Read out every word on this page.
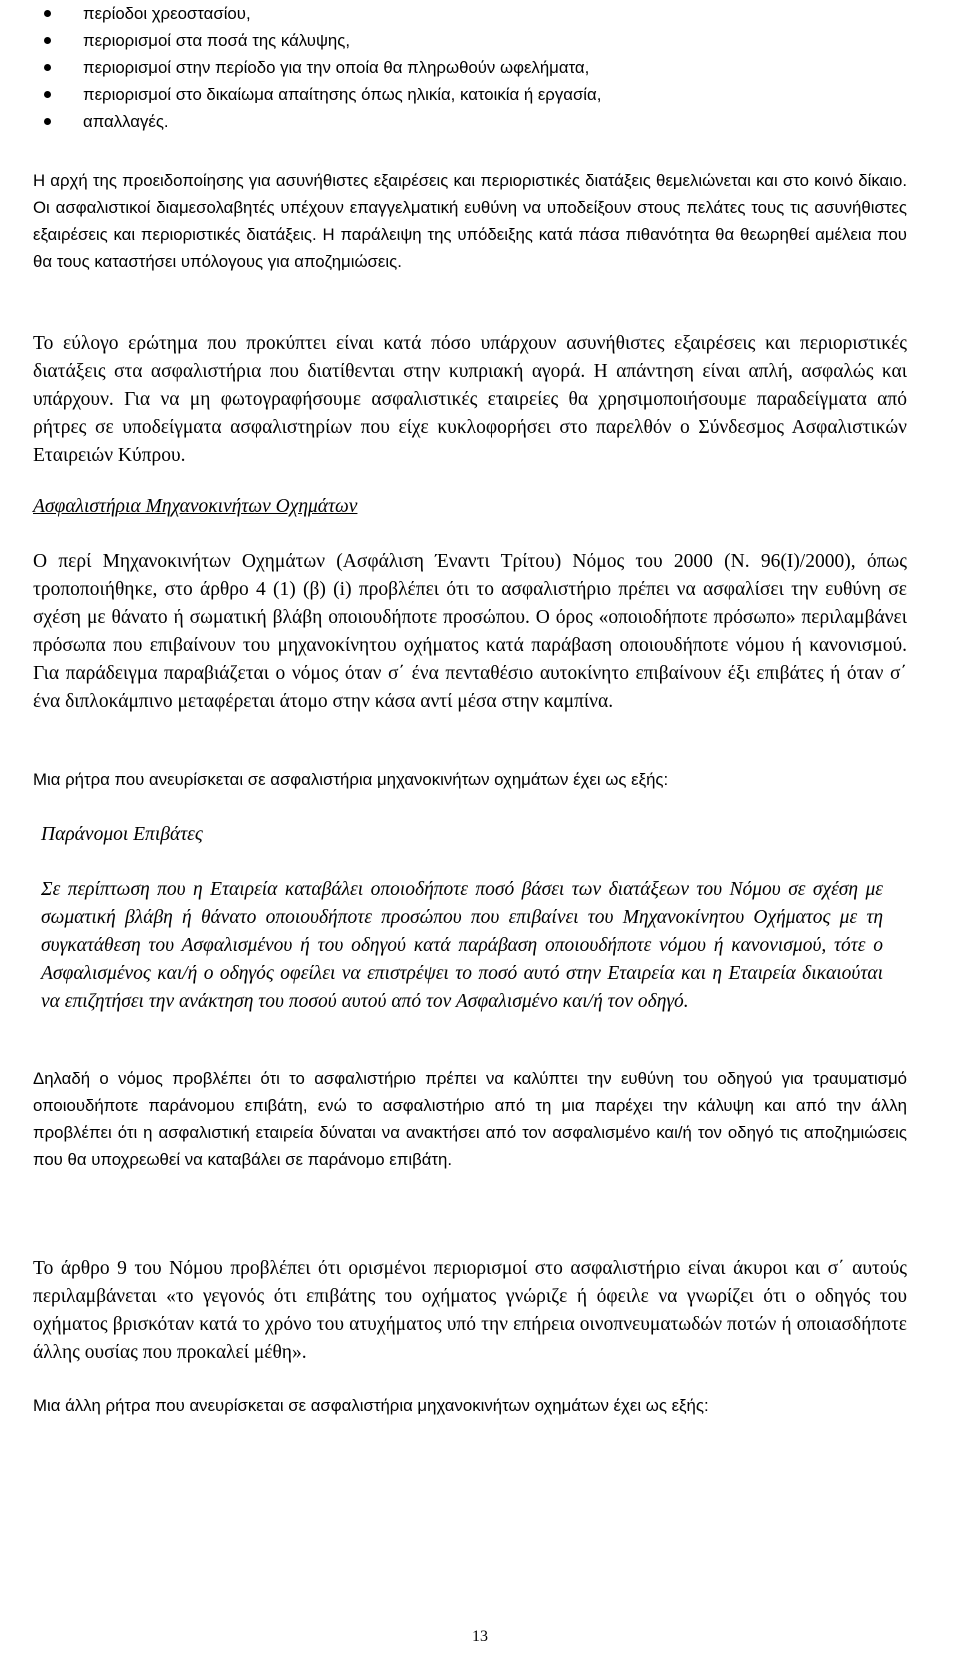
περίοδοι χρεοστασίου,
περιορισμοί στα ποσά της κάλυψης,
περιορισμοί στην περίοδο για την οποία θα πληρωθούν ωφελήματα,
περιορισμοί στο δικαίωμα απαίτησης όπως ηλικία, κατοικία ή εργασία,
απαλλαγές.

Η αρχή της προειδοποίησης για ασυνήθιστες εξαιρέσεις και περιοριστικές διατάξεις θεμελιώνεται και στο κοινό δίκαιο. Οι ασφαλιστικοί διαμεσολαβητές υπέχουν επαγγελματική ευθύνη να υποδείξουν στους πελάτες τους τις ασυνήθιστες εξαιρέσεις και περιοριστικές διατάξεις. Η παράλειψη της υπόδειξης κατά πάσα πιθανότητα θα θεωρηθεί αμέλεια που θα τους καταστήσει υπόλογους για αποζημιώσεις.

Το εύλογο ερώτημα που προκύπτει είναι κατά πόσο υπάρχουν ασυνήθιστες εξαιρέσεις και περιοριστικές διατάξεις στα ασφαλιστήρια που διατίθενται στην κυπριακή αγορά. Η απάντηση είναι απλή, ασφαλώς και υπάρχουν. Για να μη φωτογραφήσουμε ασφαλιστικές εταιρείες θα χρησιμοποιήσουμε παραδείγματα από ρήτρες σε υποδείγματα ασφαλιστηρίων που είχε κυκλοφορήσει στο παρελθόν ο Σύνδεσμος Ασφαλιστικών Εταιρειών Κύπρου.

Ασφαλιστήρια Μηχανοκινήτων Οχημάτων

Ο περί Μηχανοκινήτων Οχημάτων (Ασφάλιση Έναντι Τρίτου) Νόμος του 2000 (Ν. 96(Ι)/2000), όπως τροποποιήθηκε, στο άρθρο 4 (1) (β) (i) προβλέπει ότι το ασφαλιστήριο πρέπει να ασφαλίσει την ευθύνη σε σχέση με θάνατο ή σωματική βλάβη οποιουδήποτε προσώπου. Ο όρος «οποιοδήποτε πρόσωπο» περιλαμβάνει πρόσωπα που επιβαίνουν του μηχανοκίνητου οχήματος κατά παράβαση οποιουδήποτε νόμου ή κανονισμού. Για παράδειγμα παραβιάζεται ο νόμος όταν σ΄ ένα πενταθέσιο αυτοκίνητο επιβαίνουν έξι επιβάτες ή όταν σ΄ ένα διπλοκάμπινο μεταφέρεται άτομο στην κάσα αντί μέσα στην καμπίνα.

Μια ρήτρα που ανευρίσκεται σε ασφαλιστήρια μηχανοκινήτων οχημάτων έχει ως εξής:

Παράνομοι Επιβάτες

Σε περίπτωση που η Εταιρεία καταβάλει οποιοδήποτε ποσό βάσει των διατάξεων του Νόμου σε σχέση με σωματική βλάβη ή θάνατο οποιουδήποτε προσώπου που επιβαίνει του Μηχανοκίνητου Οχήματος με τη συγκατάθεση του Ασφαλισμένου ή του οδηγού κατά παράβαση οποιουδήποτε νόμου ή κανονισμού, τότε ο Ασφαλισμένος και/ή ο οδηγός οφείλει να επιστρέψει το ποσό αυτό στην Εταιρεία και η Εταιρεία δικαιούται να επιζητήσει την ανάκτηση του ποσού αυτού από τον Ασφαλισμένο και/ή τον οδηγό.

Δηλαδή ο νόμος προβλέπει ότι το ασφαλιστήριο πρέπει να καλύπτει την ευθύνη του οδηγού για τραυματισμό οποιουδήποτε παράνομου επιβάτη, ενώ το ασφαλιστήριο από τη μια παρέχει την κάλυψη και από την άλλη προβλέπει ότι η ασφαλιστική εταιρεία δύναται να ανακτήσει από τον ασφαλισμένο και/ή τον οδηγό τις αποζημιώσεις που θα υποχρεωθεί να καταβάλει σε παράνομο επιβάτη.

Το άρθρο 9 του Νόμου προβλέπει ότι ορισμένοι περιορισμοί στο ασφαλιστήριο είναι άκυροι και σ΄ αυτούς περιλαμβάνεται «το γεγονός ότι επιβάτης του οχήματος γνώριζε ή όφειλε να γνωρίζει ότι ο οδηγός του οχήματος βρισκόταν κατά το χρόνο του ατυχήματος υπό την επήρεια οινοπνευματωδών ποτών ή οποιασδήποτε άλλης ουσίας που προκαλεί μέθη».

Μια άλλη ρήτρα που ανευρίσκεται σε ασφαλιστήρια μηχανοκινήτων οχημάτων έχει ως εξής:

13
